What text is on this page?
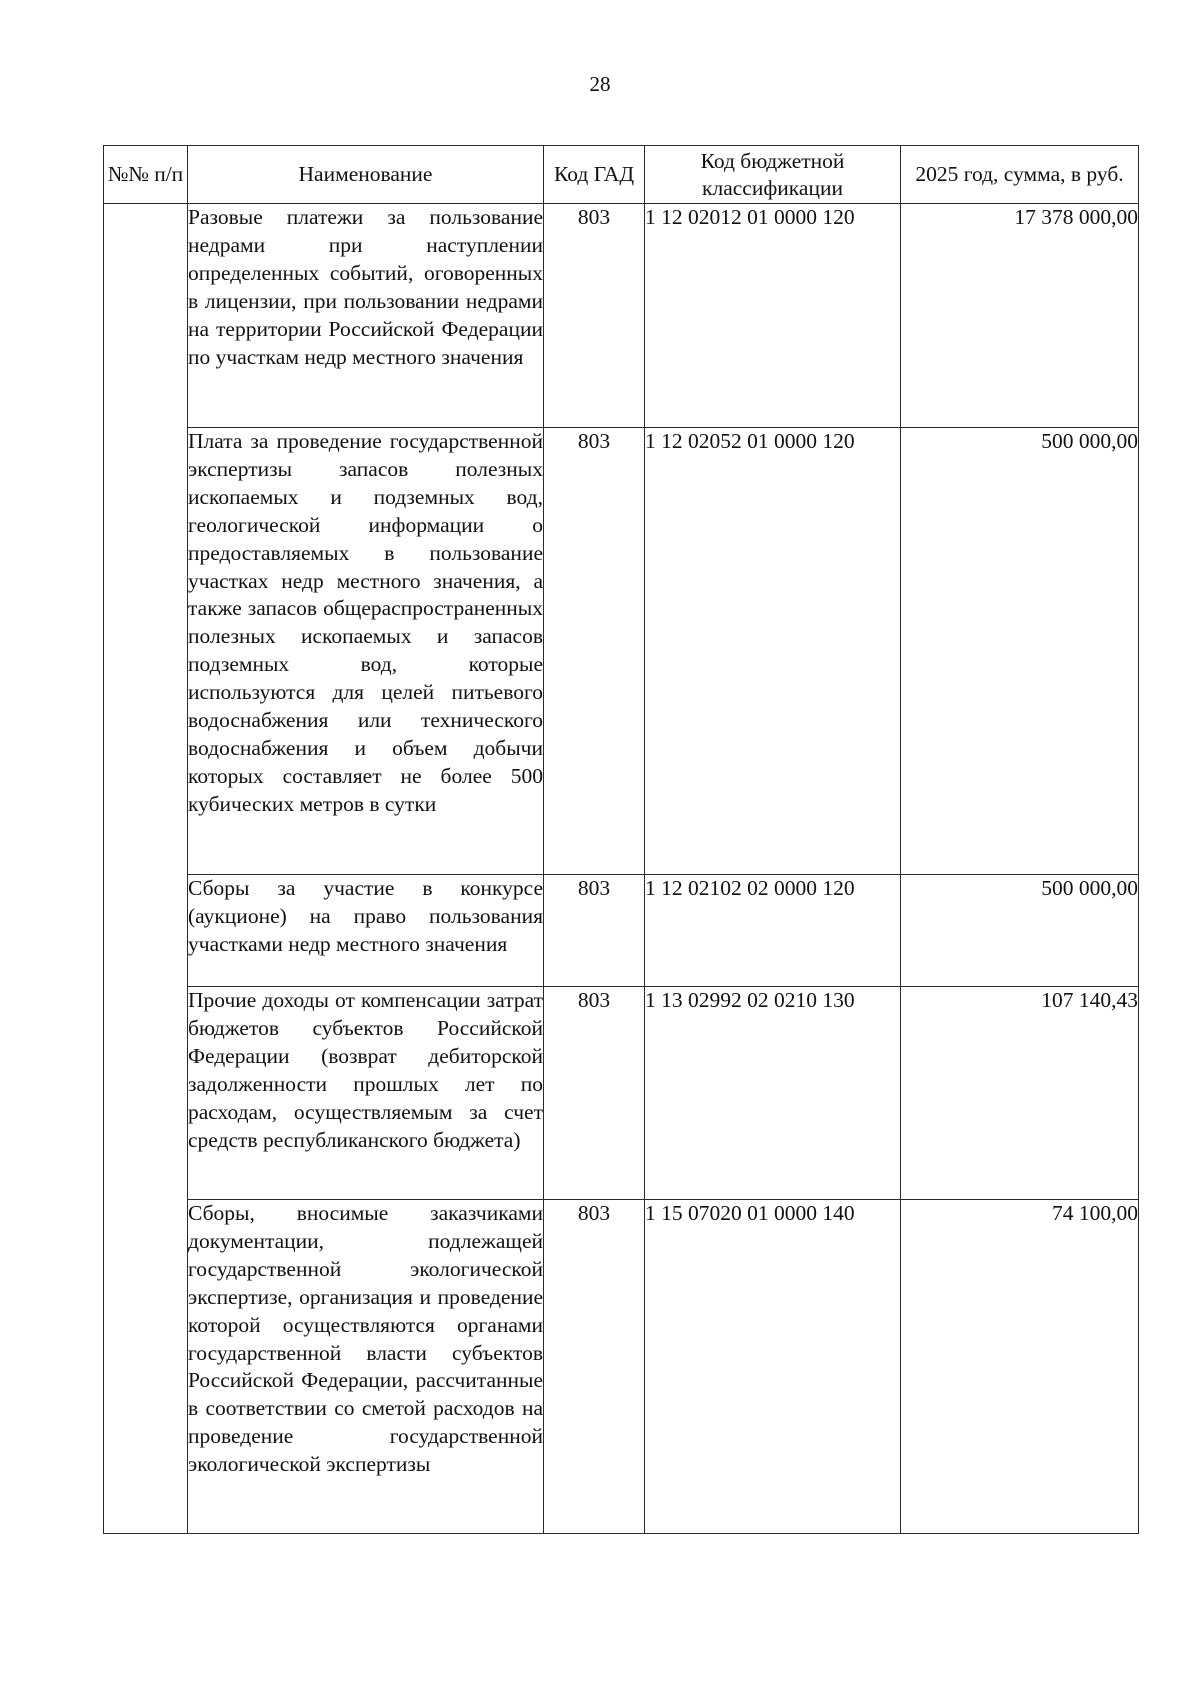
28
№№ п/п	Наименование	Код ГАД	Код бюджетной классификации	2025 год, сумма, в руб.
	Разовые платежи за пользование недрами при наступлении определенных событий, оговоренных в лицензии, при пользовании недрами на территории Российской Федерации по участкам недр местного значения	803	1 12 02012 01 0000 120	17 378 000,00
	Плата за проведение государственной экспертизы запасов полезных ископаемых и подземных вод, геологической информации о предоставляемых в пользование участках недр местного значения, а также запасов общераспространенных полезных ископаемых и запасов подземных вод, которые используются для целей питьевого водоснабжения или технического водоснабжения и объем добычи которых составляет не более 500 кубических метров в сутки	803	1 12 02052 01 0000 120	500 000,00
	Сборы за участие в конкурсе (аукционе) на право пользования участками недр местного значения	803	1 12 02102 02 0000 120	500 000,00
	Прочие доходы от компенсации затрат бюджетов субъектов Российской Федерации (возврат дебиторской задолженности прошлых лет по расходам, осуществляемым за счет средств республиканского бюджета)	803	1 13 02992 02 0210 130	107 140,43
	Сборы, вносимые заказчиками документации, подлежащей государственной экологической экспертизе, организация и проведение которой осуществляются органами государственной власти субъектов Российской Федерации, рассчитанные в соответствии со сметой расходов на проведение государственной экологической экспертизы	803	1 15 07020 01 0000 140	74 100,00
